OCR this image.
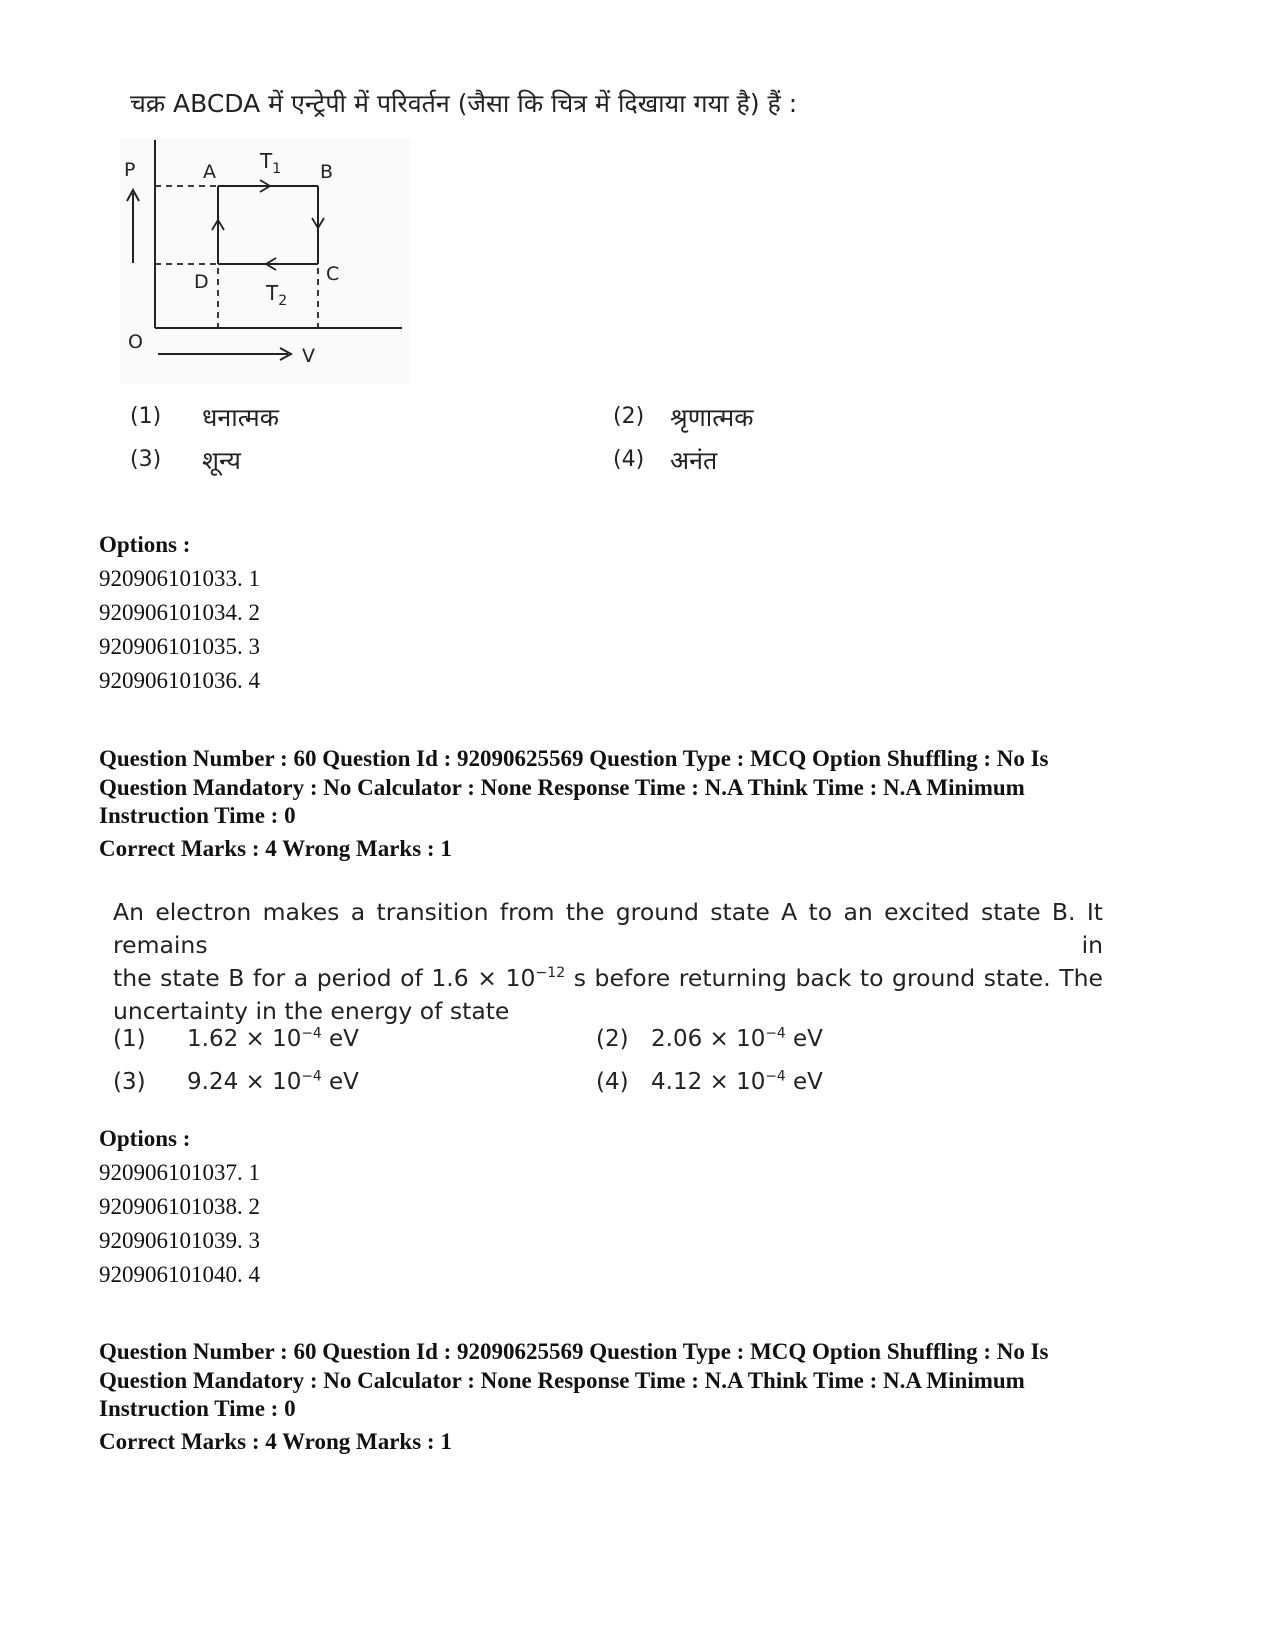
चक्र ABCDA में एन्ट्रेपी में परिवर्तन (जैसा कि चित्र में दिखाया गया है) हैं :
P
O
V
A	B
C
D
$T_1$
$T_2$
(1) धनात्मक	(2) श्रृणात्मक
(3) शून्य	(4) अनंत
Options :
920906101033. 1
920906101034. 2
920906101035. 3
920906101036. 4
Question Number : 60 Question Id : 92090625569 Question Type : MCQ Option Shuffling : No Is
Question Mandatory : No Calculator : None Response Time : N.A Think Time : N.A Minimum
Instruction Time : 0
Correct Marks : 4 Wrong Marks : 1
An electron makes a transition from the ground state A to an excited state B. It remains in
the state B for a period of $1.6 \times 10^{-12}$ s before returning back to ground state. The
uncertainty in the energy of state
(1) $1.62 \times 10^{-4}$ eV	(2) $2.06 \times 10^{-4}$ eV
(3) $9.24 \times 10^{-4}$ eV	(4) $4.12 \times 10^{-4}$ eV
Options :
920906101037. 1
920906101038. 2
920906101039. 3
920906101040. 4
Question Number : 60 Question Id : 92090625569 Question Type : MCQ Option Shuffling : No Is
Question Mandatory : No Calculator : None Response Time : N.A Think Time : N.A Minimum
Instruction Time : 0
Correct Marks : 4 Wrong Marks : 1
